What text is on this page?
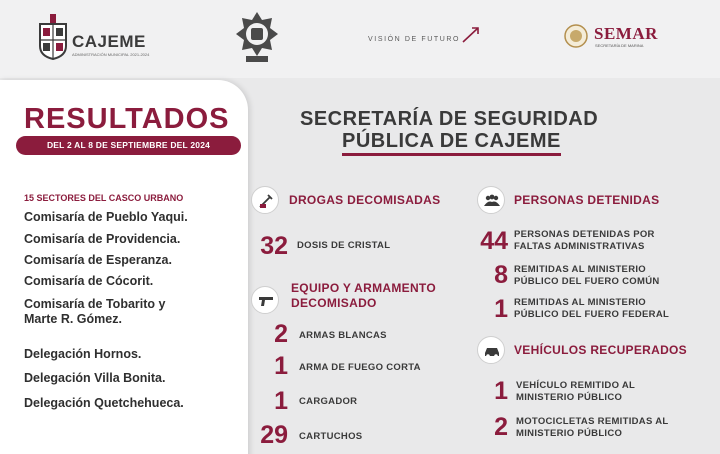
CAJEME
ADMINISTRACIÓN MUNICIPAL 2021-2024
VISIÓN DE FUTURO	SEMAR
SECRETARÍA DE MARINA
RESULTADOS
DEL 2 AL 8 DE SEPTIEMBRE DEL 2024
15 SECTORES DEL CASCO URBANO
Comisaría de Pueblo Yaqui.
Comisaría de Providencia.
Comisaría de Esperanza.
Comisaría de Cócorit.
Comisaría de Tobarito y
Marte R. Gómez.
Delegación Hornos.
Delegación Villa Bonita.
Delegación Quetchehueca.
SECRETARÍA DE SEGURIDAD
PÚBLICA DE CAJEME
DROGAS DECOMISADAS
32 DOSIS DE CRISTAL
EQUIPO Y ARMAMENTO
DECOMISADO
2 ARMAS BLANCAS
1 ARMA DE FUEGO CORTA
1 CARGADOR
29 CARTUCHOS
PERSONAS DETENIDAS
44 PERSONAS DETENIDAS POR
FALTAS ADMINISTRATIVAS
8 REMITIDAS AL MINISTERIO
PÚBLICO DEL FUERO COMÚN
1 REMITIDAS AL MINISTERIO
PÚBLICO DEL FUERO FEDERAL
VEHÍCULOS RECUPERADOS
1 VEHÍCULO REMITIDO AL
MINISTERIO PÚBLICO
2 MOTOCICLETAS REMITIDAS AL
MINISTERIO PÚBLICO
